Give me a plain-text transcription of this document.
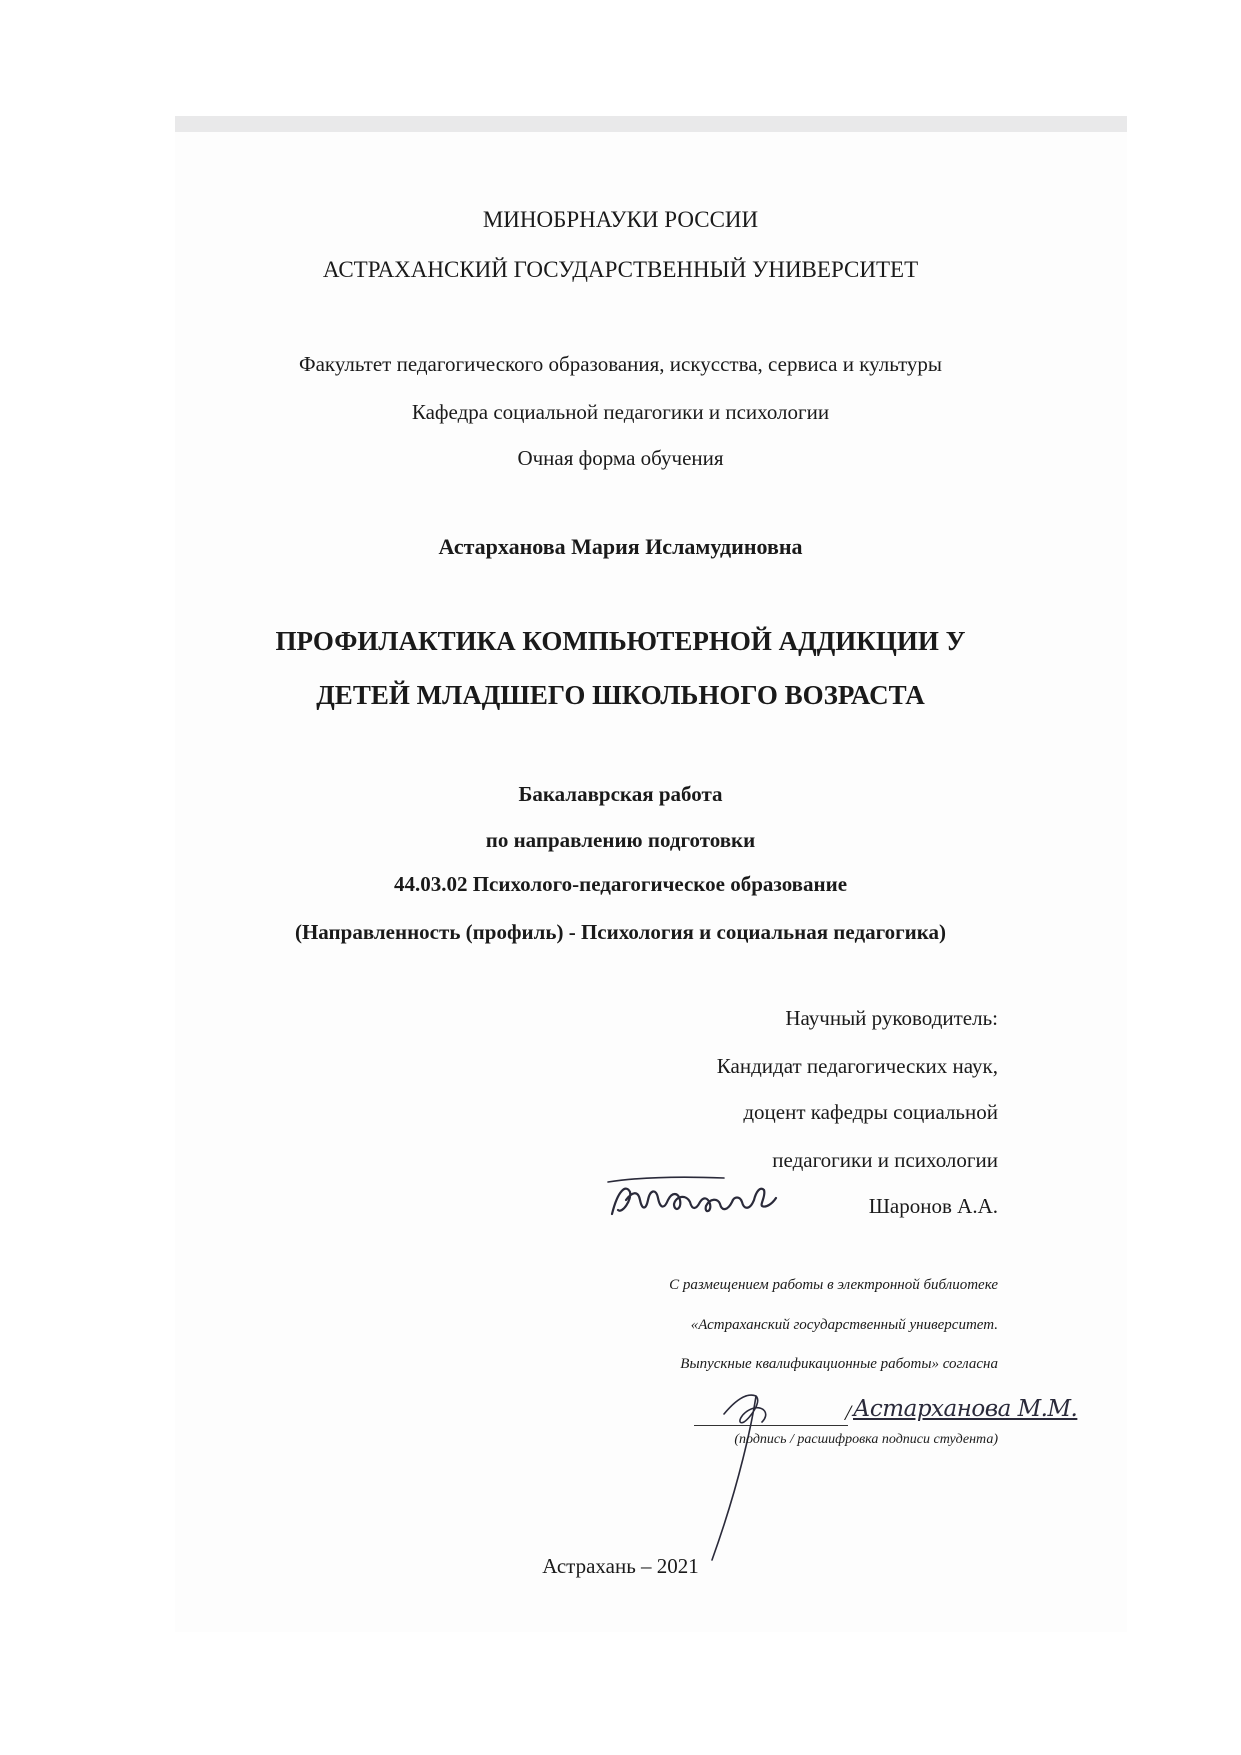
МИНОБРНАУКИ РОССИИ
АСТРАХАНСКИЙ ГОСУДАРСТВЕННЫЙ УНИВЕРСИТЕТ
Факультет педагогического образования, искусства, сервиса и культуры
Кафедра социальной педагогики и психологии
Очная форма обучения
Астарханова Мария Исламудиновна
ПРОФИЛАКТИКА КОМПЬЮТЕРНОЙ АДДИКЦИИ У
ДЕТЕЙ МЛАДШЕГО ШКОЛЬНОГО ВОЗРАСТА
Бакалаврская работа
по направлению подготовки
44.03.02 Психолого-педагогическое образование
(Направленность (профиль) - Психология и социальная педагогика)
Научный руководитель:
Кандидат педагогических наук,
доцент кафедры социальной
педагогики и психологии
Шаронов А.А.
С размещением работы в электронной библиотеке
«Астраханский государственный университет.
Выпускные квалификационные работы» согласна
/ Астарханова М.М.
(подпись / расшифровка подписи студента)
Астрахань – 2021
